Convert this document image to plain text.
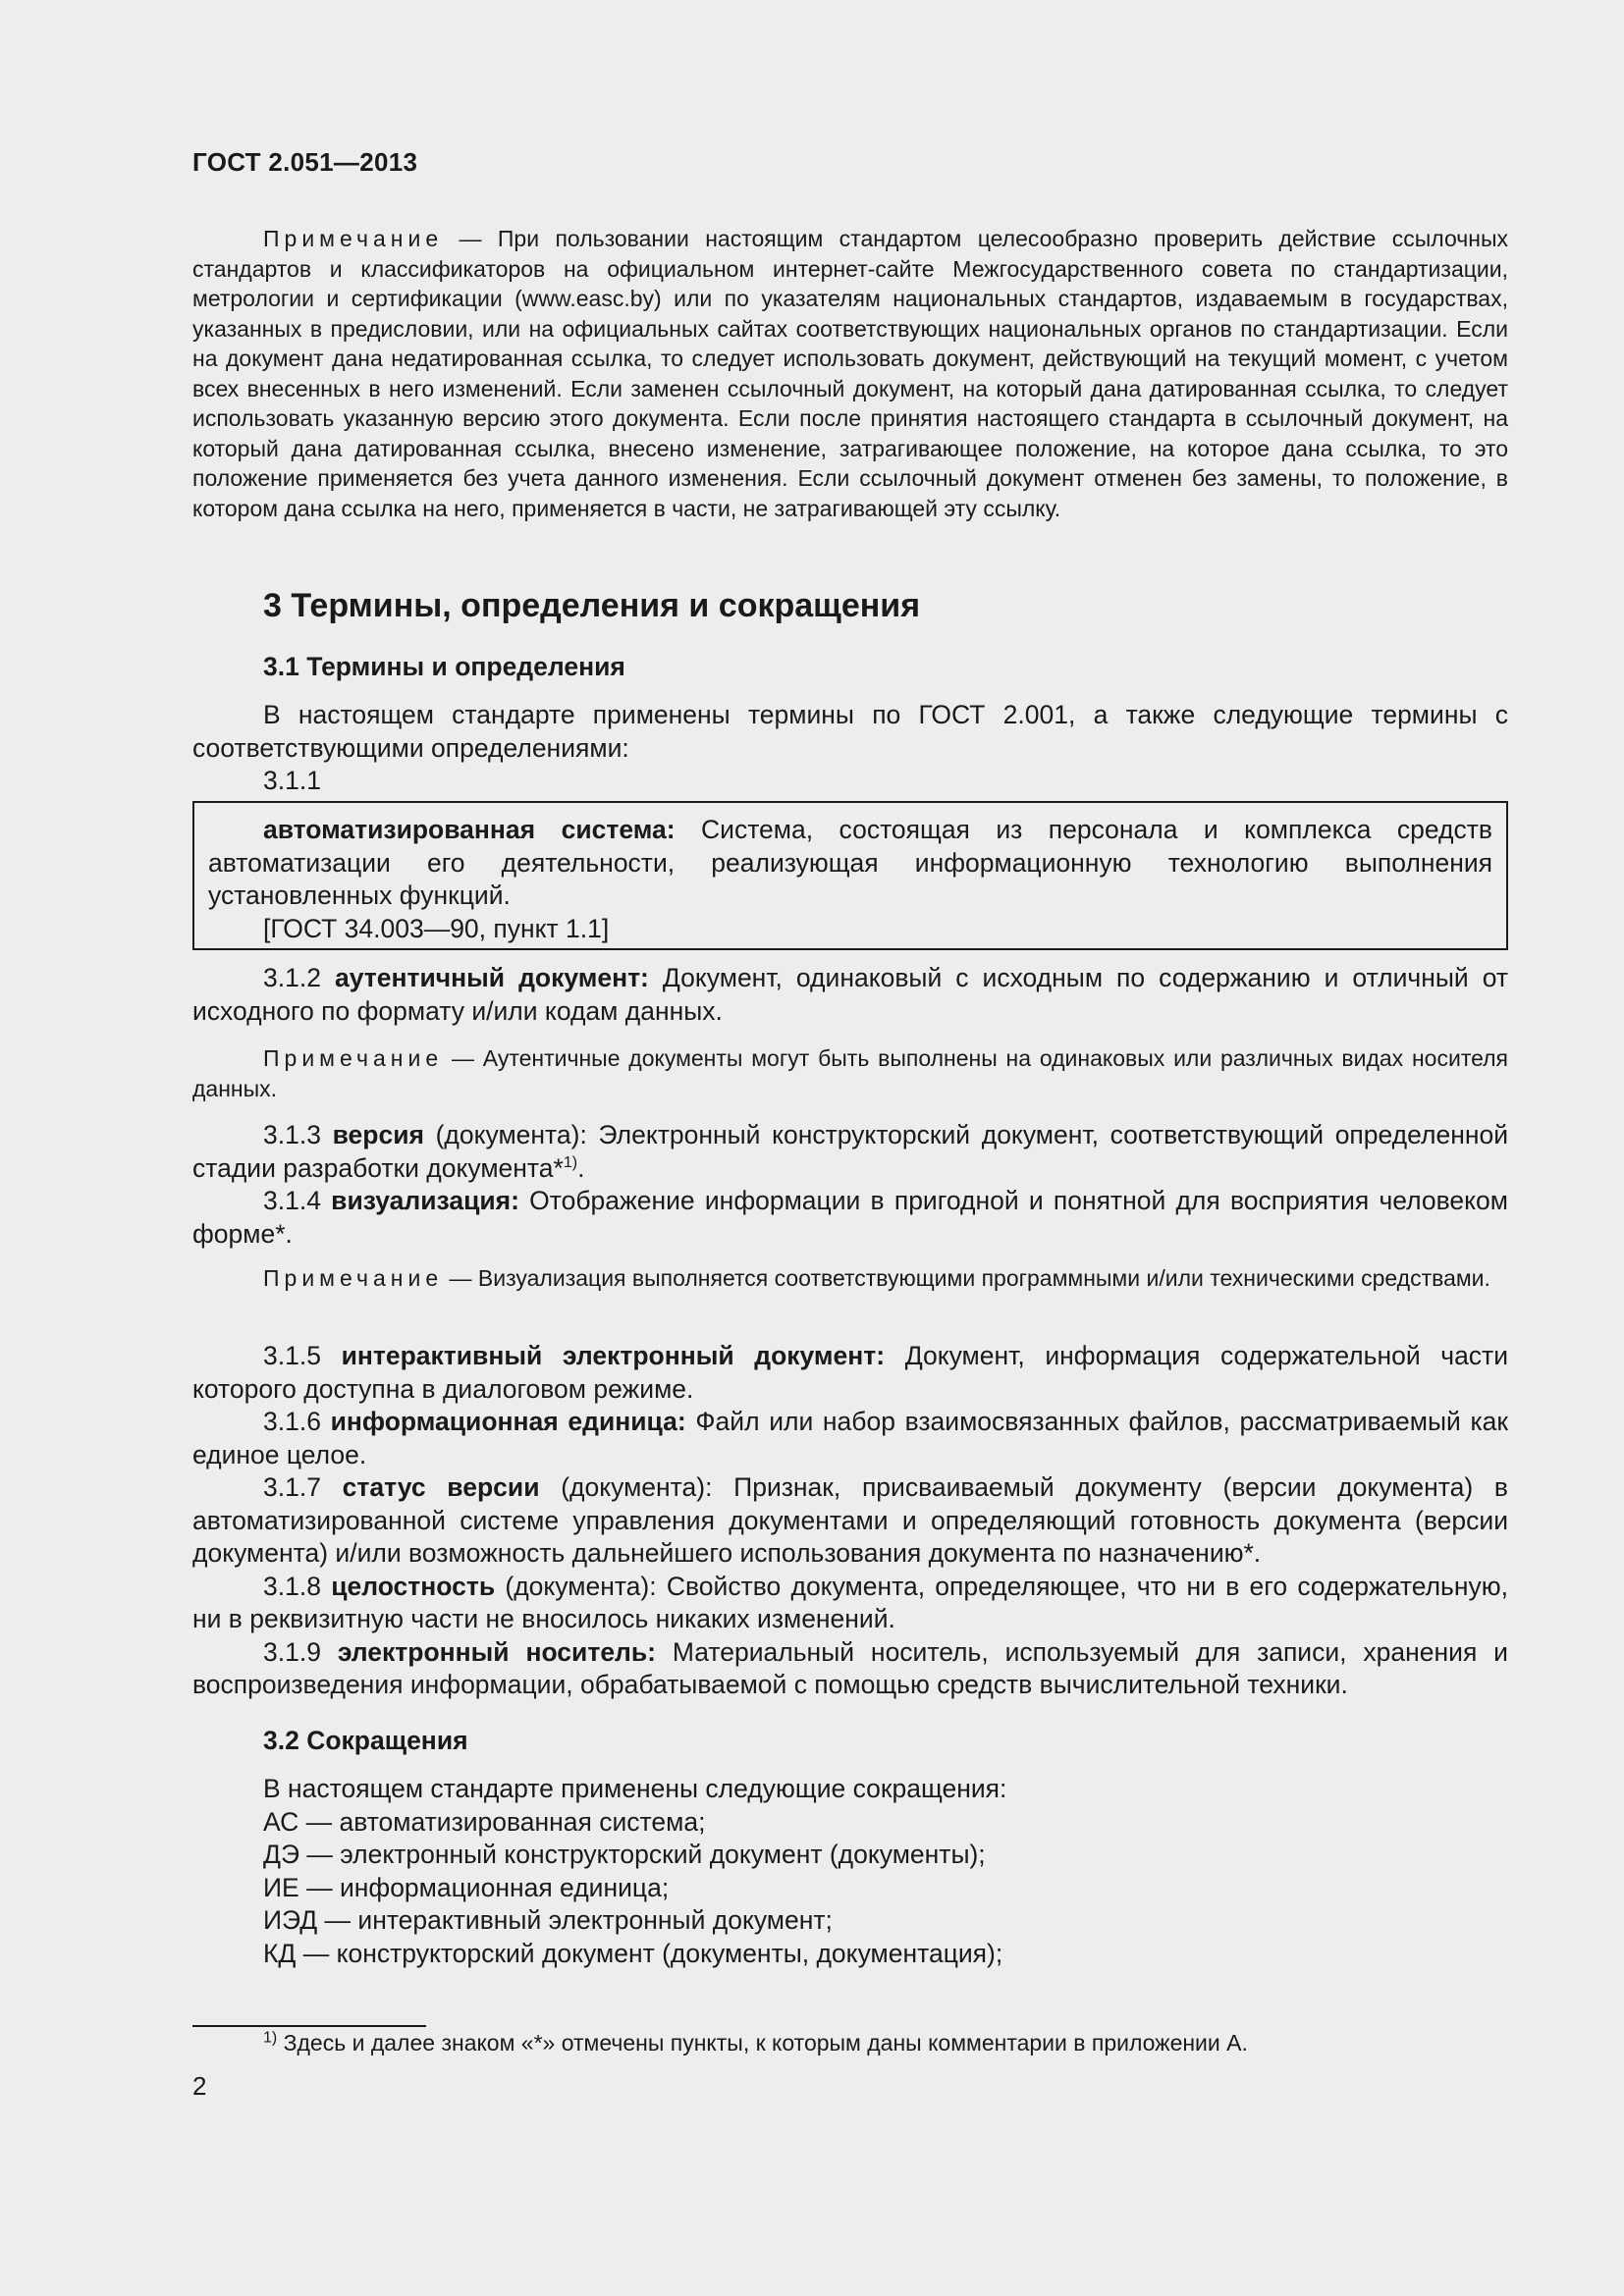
ГОСТ 2.051—2013

Примечание — При пользовании настоящим стандартом целесообразно проверить действие ссылочных стандартов и классификаторов на официальном интернет-сайте Межгосударственного совета по стандартизации, метрологии и сертификации (www.easc.by) или по указателям национальных стандартов, издаваемым в государствах, указанных в предисловии, или на официальных сайтах соответствующих национальных органов по стандартизации. Если на документ дана недатированная ссылка, то следует использовать документ, действующий на текущий момент, с учетом всех внесенных в него изменений. Если заменен ссылочный документ, на который дана датированная ссылка, то следует использовать указанную версию этого документа. Если после принятия настоящего стандарта в ссылочный документ, на который дана датированная ссылка, внесено изменение, затрагивающее положение, на которое дана ссылка, то это положение применяется без учета данного изменения. Если ссылочный документ отменен без замены, то положение, в котором дана ссылка на него, применяется в части, не затрагивающей эту ссылку.

3 Термины, определения и сокращения
3.1 Термины и определения

В настоящем стандарте применены термины по ГОСТ 2.001, а также следующие термины с соответствующими определениями:

3.1.1

автоматизированная система: Система, состоящая из персонала и комплекса средств автоматизации его деятельности, реализующая информационную технологию выполнения установленных функций.

[ГОСТ 34.003—90, пункт 1.1]

3.1.2 аутентичный документ: Документ, одинаковый с исходным по содержанию и отличный от исходного по формату и/или кодам данных.

Примечание — Аутентичные документы могут быть выполнены на одинаковых или различных видах носителя данных.

3.1.3 версия (документа): Электронный конструкторский документ, соответствующий определенной стадии разработки документа*$^{1)}$.

3.1.4 визуализация: Отображение информации в пригодной и понятной для восприятия человеком форме*.

Примечание — Визуализация выполняется соответствующими программными и/или техническими средствами.

3.1.5 интерактивный электронный документ: Документ, информация содержательной части которого доступна в диалоговом режиме.

3.1.6 информационная единица: Файл или набор взаимосвязанных файлов, рассматриваемый как единое целое.

3.1.7 статус версии (документа): Признак, присваиваемый документу (версии документа) в автоматизированной системе управления документами и определяющий готовность документа (версии документа) и/или возможность дальнейшего использования документа по назначению*.

3.1.8 целостность (документа): Свойство документа, определяющее, что ни в его содержательную, ни в реквизитную части не вносилось никаких изменений.

3.1.9 электронный носитель: Материальный носитель, используемый для записи, хранения и воспроизведения информации, обрабатываемой с помощью средств вычислительной техники.

3.2 Сокращения
В настоящем стандарте применены следующие сокращения:
АС — автоматизированная система;
ДЭ — электронный конструкторский документ (документы);
ИЕ — информационная единица;
ИЭД — интерактивный электронный документ;
КД — конструкторский документ (документы, документация);
$^{1)}$ Здесь и далее знаком «*» отмечены пункты, к которым даны комментарии в приложении А.
2
